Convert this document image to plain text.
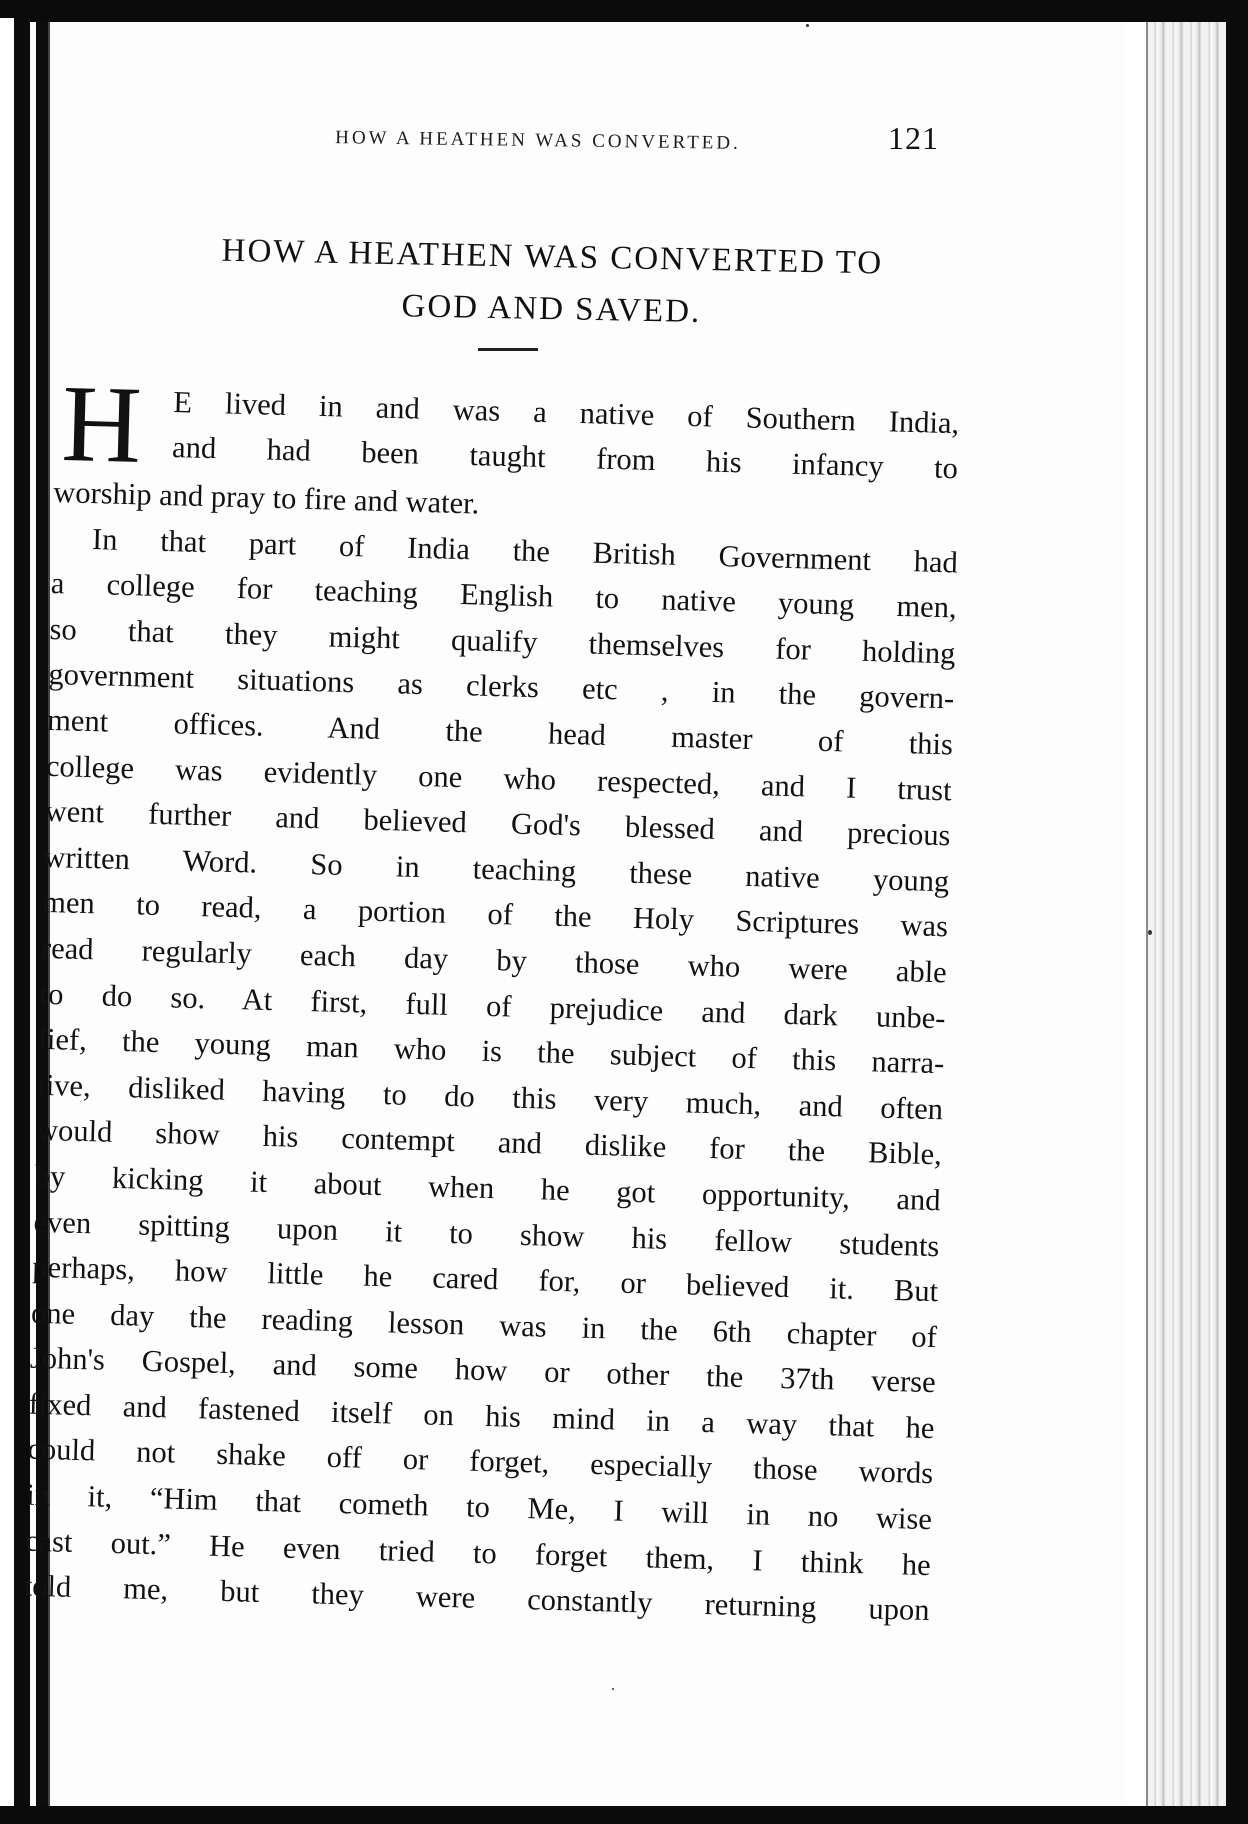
HOW A HEATHEN WAS CONVERTED.	121
HOW A HEATHEN WAS CONVERTED TO
GOD AND SAVED.
H E lived in and was a native of Southern India,
and had been taught from his infancy to
worship and pray to fire and water.
In that part of India the British Government had
a college for teaching English to native young men,
so that they might qualify themselves for holding
government situations as clerks etc , in the govern-
ment offices. And the head master of this
college was evidently one who respected, and I trust
went further and believed God's blessed and precious
written Word. So in teaching these native young
men to read, a portion of the Holy Scriptures was
read regularly each day by those who were able
to do so. At first, full of prejudice and dark unbe-
lief, the young man who is the subject of this narra-
tive, disliked having to do this very much, and often
would show his contempt and dislike for the Bible,
by kicking it about when he got opportunity, and
even spitting upon it to show his fellow students
perhaps, how little he cared for, or believed it. But
one day the reading lesson was in the 6th chapter of
John's Gospel, and some how or other the 37th verse
fixed and fastened itself on his mind in a way that he
could not shake off or forget, especially those words
in it, “Him that cometh to Me, I will in no wise
cast out.” He even tried to forget them, I think he
told me, but they were constantly returning upon
